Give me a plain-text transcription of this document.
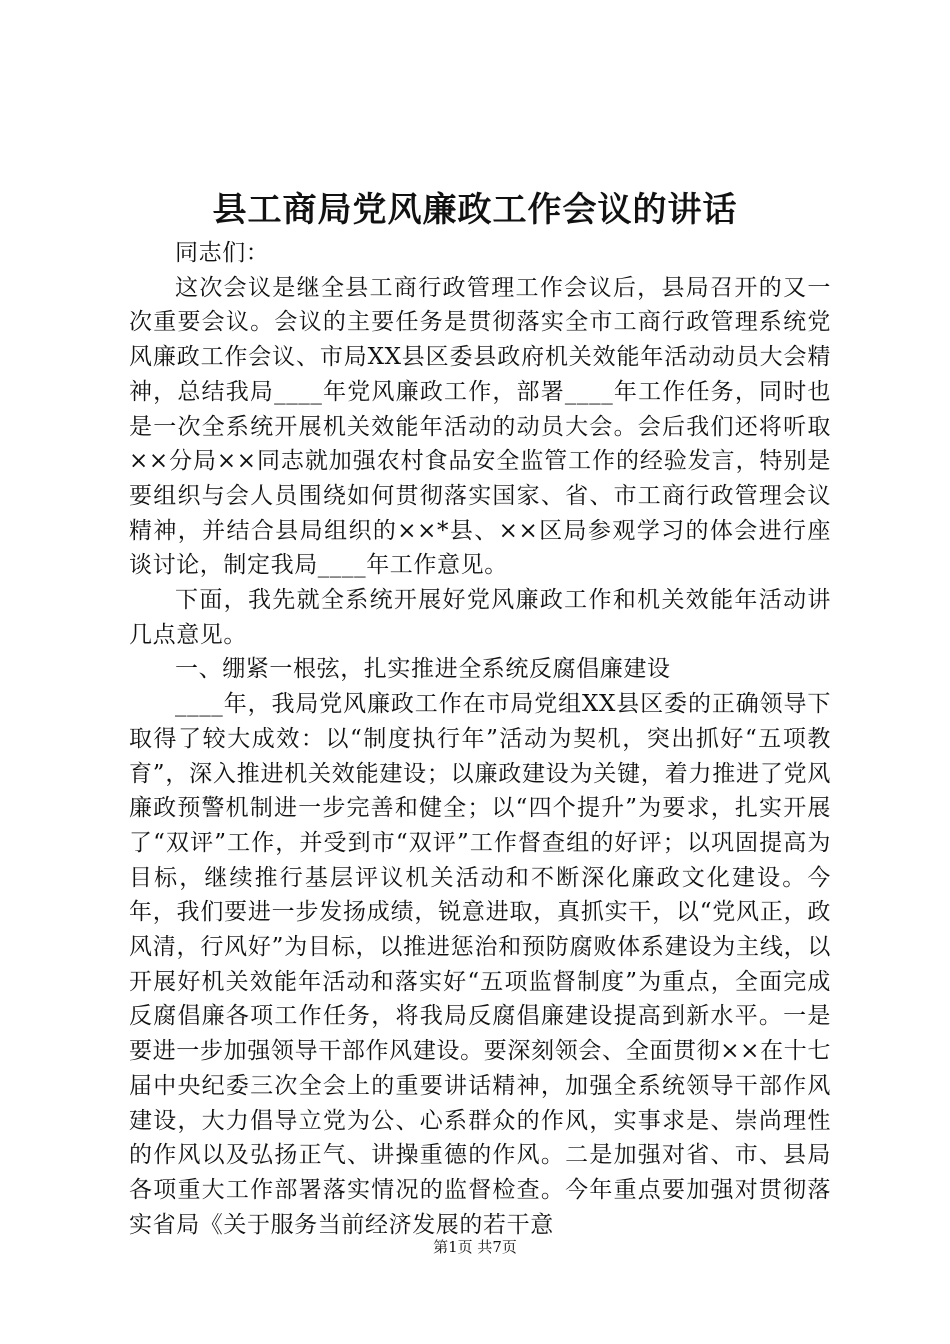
县工商局党风廉政工作会议的讲话

同志们：

这次会议是继全县工商行政管理工作会议后，县局召开的又一次重要会议。会议的主要任务是贯彻落实全市工商行政管理系统党风廉政工作会议、市局XX县区委县政府机关效能年活动动员大会精神，总结我局____年党风廉政工作，部署____年工作任务，同时也是一次全系统开展机关效能年活动的动员大会。会后我们还将听取××分局××同志就加强农村食品安全监管工作的经验发言，特别是要组织与会人员围绕如何贯彻落实国家、省、市工商行政管理会议精神，并结合县局组织的××*县、××区局参观学习的体会进行座谈讨论，制定我局____年工作意见。

下面，我先就全系统开展好党风廉政工作和机关效能年活动讲几点意见。

一、绷紧一根弦，扎实推进全系统反腐倡廉建设

____年，我局党风廉政工作在市局党组XX县区委的正确领导下取得了较大成效：以“制度执行年”活动为契机，突出抓好“五项教育”，深入推进机关效能建设；以廉政建设为关键，着力推进了党风廉政预警机制进一步完善和健全；以“四个提升”为要求，扎实开展了“双评”工作，并受到市“双评”工作督查组的好评；以巩固提高为目标，继续推行基层评议机关活动和不断深化廉政文化建设。今年，我们要进一步发扬成绩，锐意进取，真抓实干，以“党风正，政风清，行风好”为目标，以推进惩治和预防腐败体系建设为主线，以开展好机关效能年活动和落实好“五项监督制度”为重点，全面完成反腐倡廉各项工作任务，将我局反腐倡廉建设提高到新水平。一是要进一步加强领导干部作风建设。要深刻领会、全面贯彻××在十七届中央纪委三次全会上的重要讲话精神，加强全系统领导干部作风建设，大力倡导立党为公、心系群众的作风，实事求是、崇尚理性的作风以及弘扬正气、讲操重德的作风。二是加强对省、市、县局各项重大工作部署落实情况的监督检查。今年重点要加强对贯彻落实省局《关于服务当前经济发展的若干意

第1页 共7页
